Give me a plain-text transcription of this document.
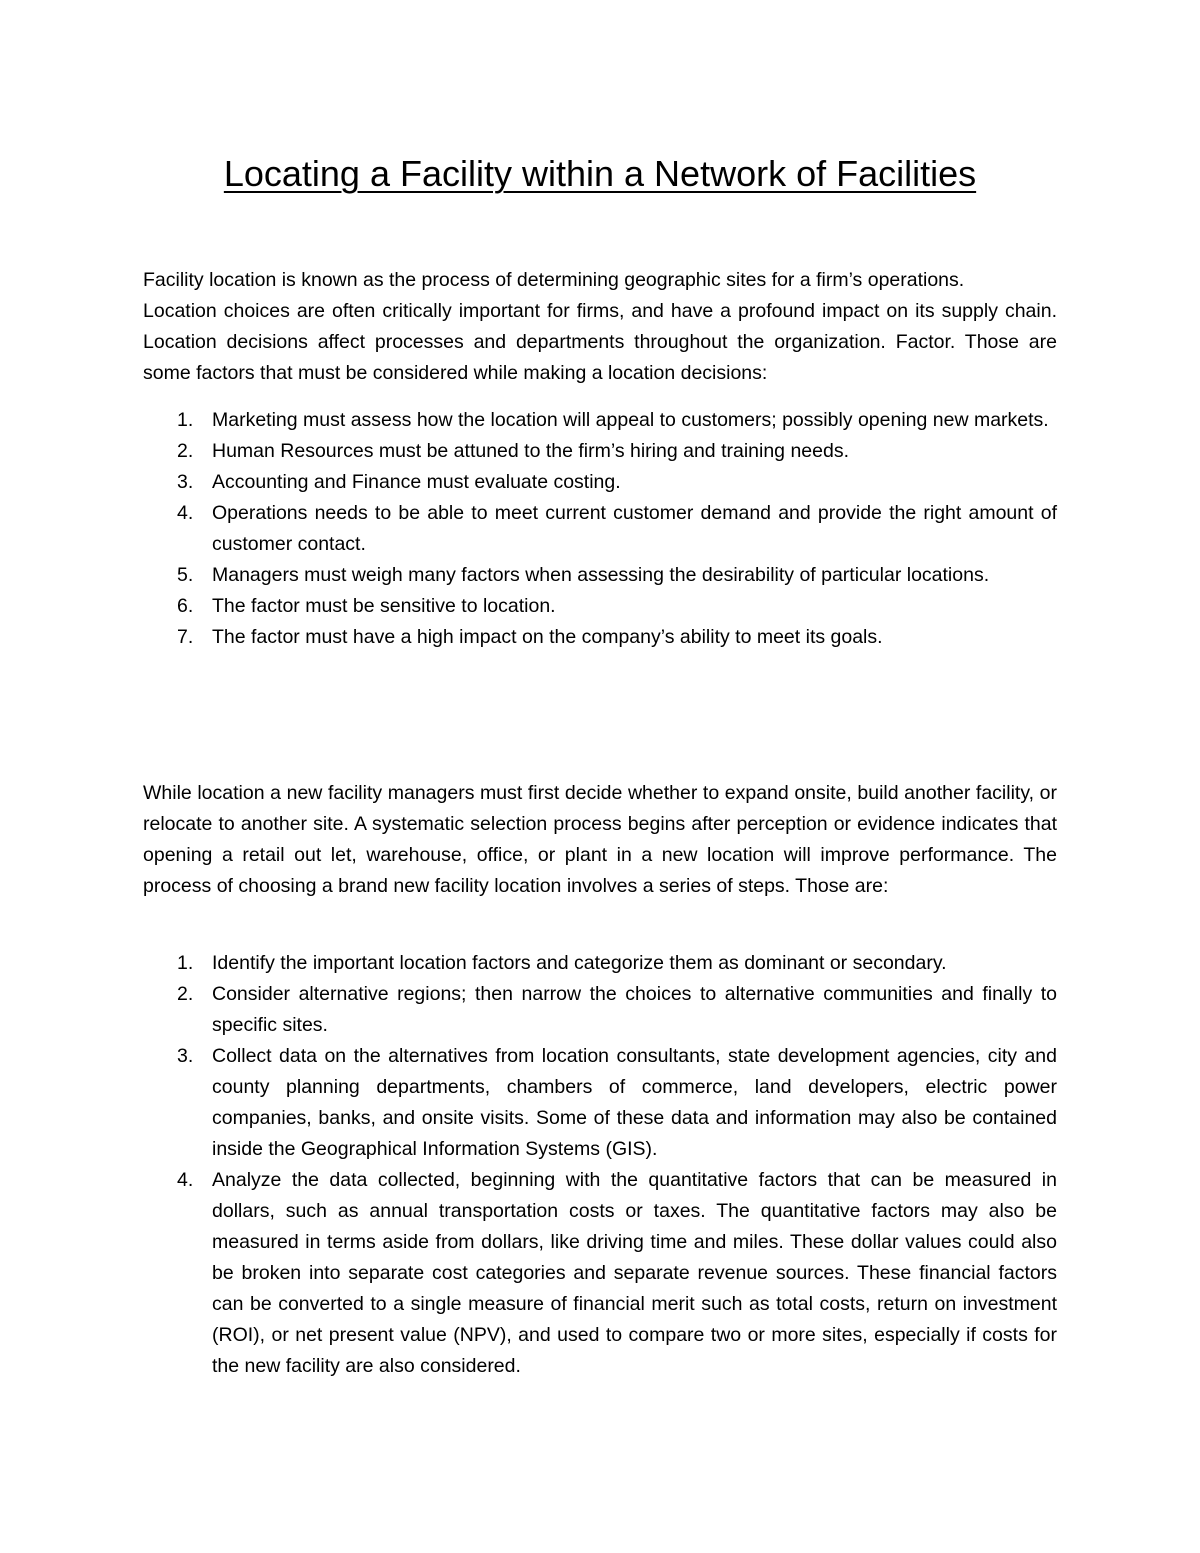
Locating a Facility within a Network of Facilities

Facility location is known as the process of determining geographic sites for a firm’s operations.

Location choices are often critically important for firms, and have a profound impact on its supply chain. Location decisions affect processes and departments throughout the organization. Factor. Those are some factors that must be considered while making a location decisions:

1. Marketing must assess how the location will appeal to customers; possibly opening new markets.
2. Human Resources must be attuned to the firm’s hiring and training needs.
3. Accounting and Finance must evaluate costing.
4. Operations needs to be able to meet current customer demand and provide the right amount of customer contact.
5. Managers must weigh many factors when assessing the desirability of particular locations.
6. The factor must be sensitive to location.
7. The factor must have a high impact on the company’s ability to meet its goals.

While location a new facility managers must first decide whether to expand onsite, build another facility, or relocate to another site. A systematic selection process begins after perception or evidence indicates that opening a retail out let, warehouse, office, or plant in a new location will improve performance. The process of choosing a brand new facility location involves a series of steps. Those are:

1. Identify the important location factors and categorize them as dominant or secondary.
2. Consider alternative regions; then narrow the choices to alternative communities and finally to specific sites.
3. Collect data on the alternatives from location consultants, state development agencies, city and county planning departments, chambers of commerce, land developers, electric power companies, banks, and onsite visits. Some of these data and information may also be contained inside the Geographical Information Systems (GIS).
4. Analyze the data collected, beginning with the quantitative factors that can be measured in dollars, such as annual transportation costs or taxes. The quantitative factors may also be measured in terms aside from dollars, like driving time and miles. These dollar values could also be broken into separate cost categories and separate revenue sources. These financial factors can be converted to a single measure of financial merit such as total costs, return on investment (ROI), or net present value (NPV), and used to compare two or more sites, especially if costs for the new facility are also considered.
